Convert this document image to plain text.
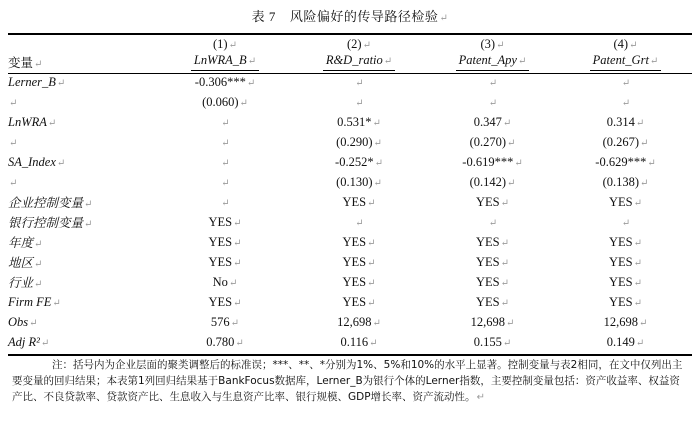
表 7 风险偏好的传导路径检验↵
	(1)↵	(2)↵	(3)↵	(4)↵
变量↵	LnWRA_B↵	R&D_ratio↵	Patent_Apy↵	Patent_Grt↵
Lerner_B↵	-0.306***↵	↵	↵	↵
↵	(0.060)↵	↵	↵	↵
LnWRA↵	↵	0.531*↵	0.347↵	0.314↵
↵	↵	(0.290)↵	(0.270)↵	(0.267)↵
SA_Index↵	↵	-0.252*↵	-0.619***↵	-0.629***↵
↵	↵	(0.130)↵	(0.142)↵	(0.138)↵
企业控制变量↵	↵	YES↵	YES↵	YES↵
银行控制变量↵	YES↵	↵	↵	↵
年度↵	YES↵	YES↵	YES↵	YES↵
地区↵	YES↵	YES↵	YES↵	YES↵
行业↵	No↵	YES↵	YES↵	YES↵
Firm FE↵	YES↵	YES↵	YES↵	YES↵
Obs↵	576↵	12,698↵	12,698↵	12,698↵
Adj R²↵	0.780↵	0.116↵	0.155↵	0.149↵
注：括号内为企业层面的聚类调整后的标准误；***、**、*分别为1%、5%和10%的水平上显著。控制变量与表2相同，在文中仅列出主要变量的回归结果；本表第1列回归结果基于BankFocus数据库，Lerner_B为银行个体的Lerner指数，主要控制变量包括：资产收益率、权益资产比、不良贷款率、贷款资产比、生息收入与生息资产比率、银行规模、GDP增长率、资产流动性。↵
